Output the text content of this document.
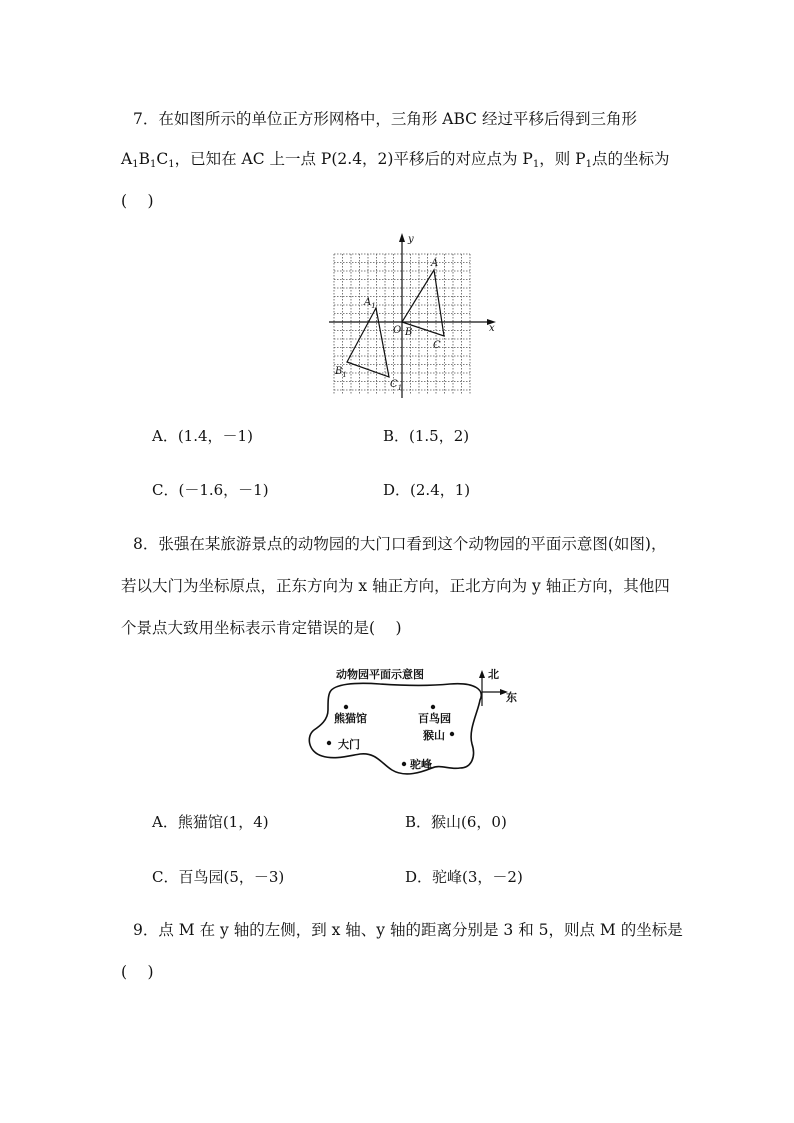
7．在如图所示的单位正方形网格中，三角形 ABC 经过平移后得到三角形
$A_1B_1C_1$，已知在 AC 上一点 P(2.4，2)平移后的对应点为 $P_1$，则 $P_1$点的坐标为
(　 )
x
y
O
A
B
C
$A_1$
$B_1$
$C_1$
A．(1.4，－1)	B．(1.5，2)
C．(－1.6，－1)	D．(2.4，1)
8．张强在某旅游景点的动物园的大门口看到这个动物园的平面示意图(如图)，
若以大门为坐标原点，正东方向为 x 轴正方向，正北方向为 y 轴正方向，其他四
个景点大致用坐标表示肯定错误的是(　 )
动物园平面示意图	北
东
熊猫馆	百鸟园
猴山
大门
驼峰
A．熊猫馆(1，4)	B．猴山(6，0)
C．百鸟园(5，－3)	D．驼峰(3，－2)
9．点 M 在 y 轴的左侧，到 x 轴、y 轴的距离分别是 3 和 5，则点 M 的坐标是
(　 )
